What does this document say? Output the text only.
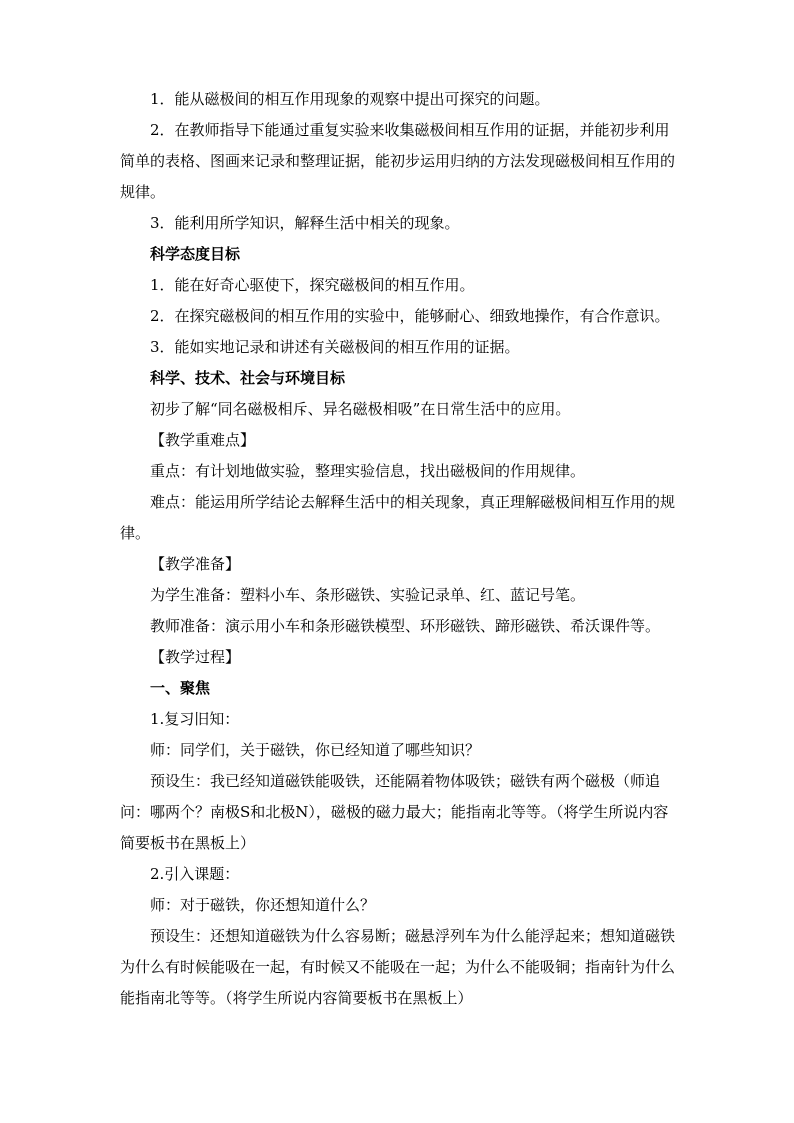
1．能从磁极间的相互作用现象的观察中提出可探究的问题。

2．在教师指导下能通过重复实验来收集磁极间相互作用的证据，并能初步利用简单的表格、图画来记录和整理证据，能初步运用归纳的方法发现磁极间相互作用的规律。

3．能利用所学知识，解释生活中相关的现象。

科学态度目标

1．能在好奇心驱使下，探究磁极间的相互作用。

2．在探究磁极间的相互作用的实验中，能够耐心、细致地操作，有合作意识。

3．能如实地记录和讲述有关磁极间的相互作用的证据。

科学、技术、社会与环境目标

初步了解“同名磁极相斥、异名磁极相吸”在日常生活中的应用。

【教学重难点】

重点：有计划地做实验，整理实验信息，找出磁极间的作用规律。

难点：能运用所学结论去解释生活中的相关现象，真正理解磁极间相互作用的规律。

【教学准备】

为学生准备：塑料小车、条形磁铁、实验记录单、红、蓝记号笔。

教师准备：演示用小车和条形磁铁模型、环形磁铁、蹄形磁铁、希沃课件等。

【教学过程】

一、聚焦

1.复习旧知：

师：同学们，关于磁铁，你已经知道了哪些知识？

预设生：我已经知道磁铁能吸铁，还能隔着物体吸铁；磁铁有两个磁极（师追问：哪两个？南极S和北极N），磁极的磁力最大；能指南北等等。（将学生所说内容简要板书在黑板上）

2.引入课题：

师：对于磁铁，你还想知道什么？

预设生：还想知道磁铁为什么容易断；磁悬浮列车为什么能浮起来；想知道磁铁为什么有时候能吸在一起，有时候又不能吸在一起；为什么不能吸铜；指南针为什么能指南北等等。（将学生所说内容简要板书在黑板上）
